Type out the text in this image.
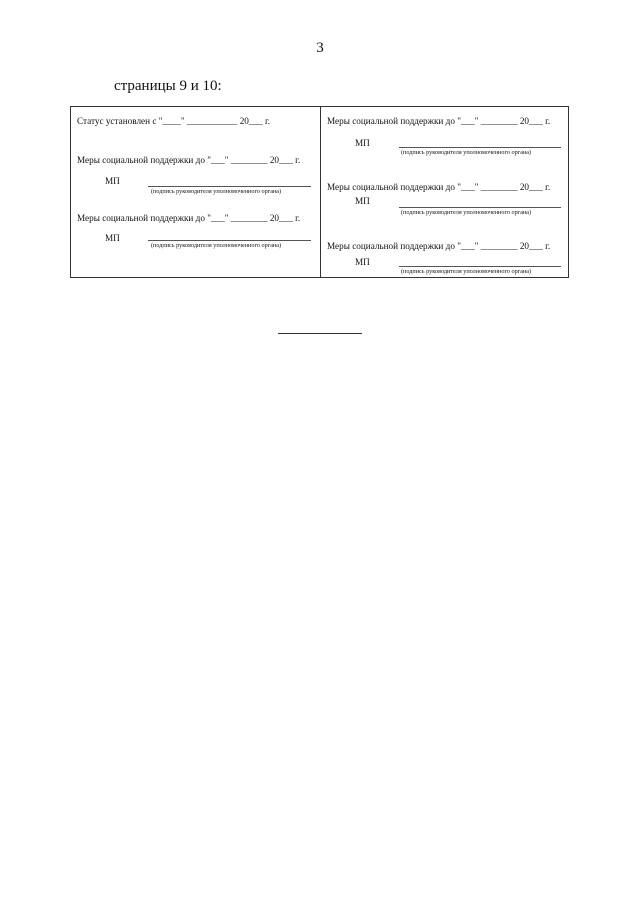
3
страницы 9 и 10:
Статус установлен с "____" ___________ 20___ г.
Меры социальной поддержки до "___" ________ 20___ г.
МП
(подпись руководителя уполномоченного органа)
Меры социальной поддержки до "___" ________ 20___ г.
МП
(подпись руководителя уполномоченного органа)
Меры социальной поддержки до "___" ________ 20___ г.
МП
(подпись руководителя уполномоченного органа)
Меры социальной поддержки до "___" ________ 20___ г.
МП
(подпись руководителя уполномоченного органа)
Меры социальной поддержки до "___" ________ 20___ г.
МП
(подпись руководителя уполномоченного органа)
